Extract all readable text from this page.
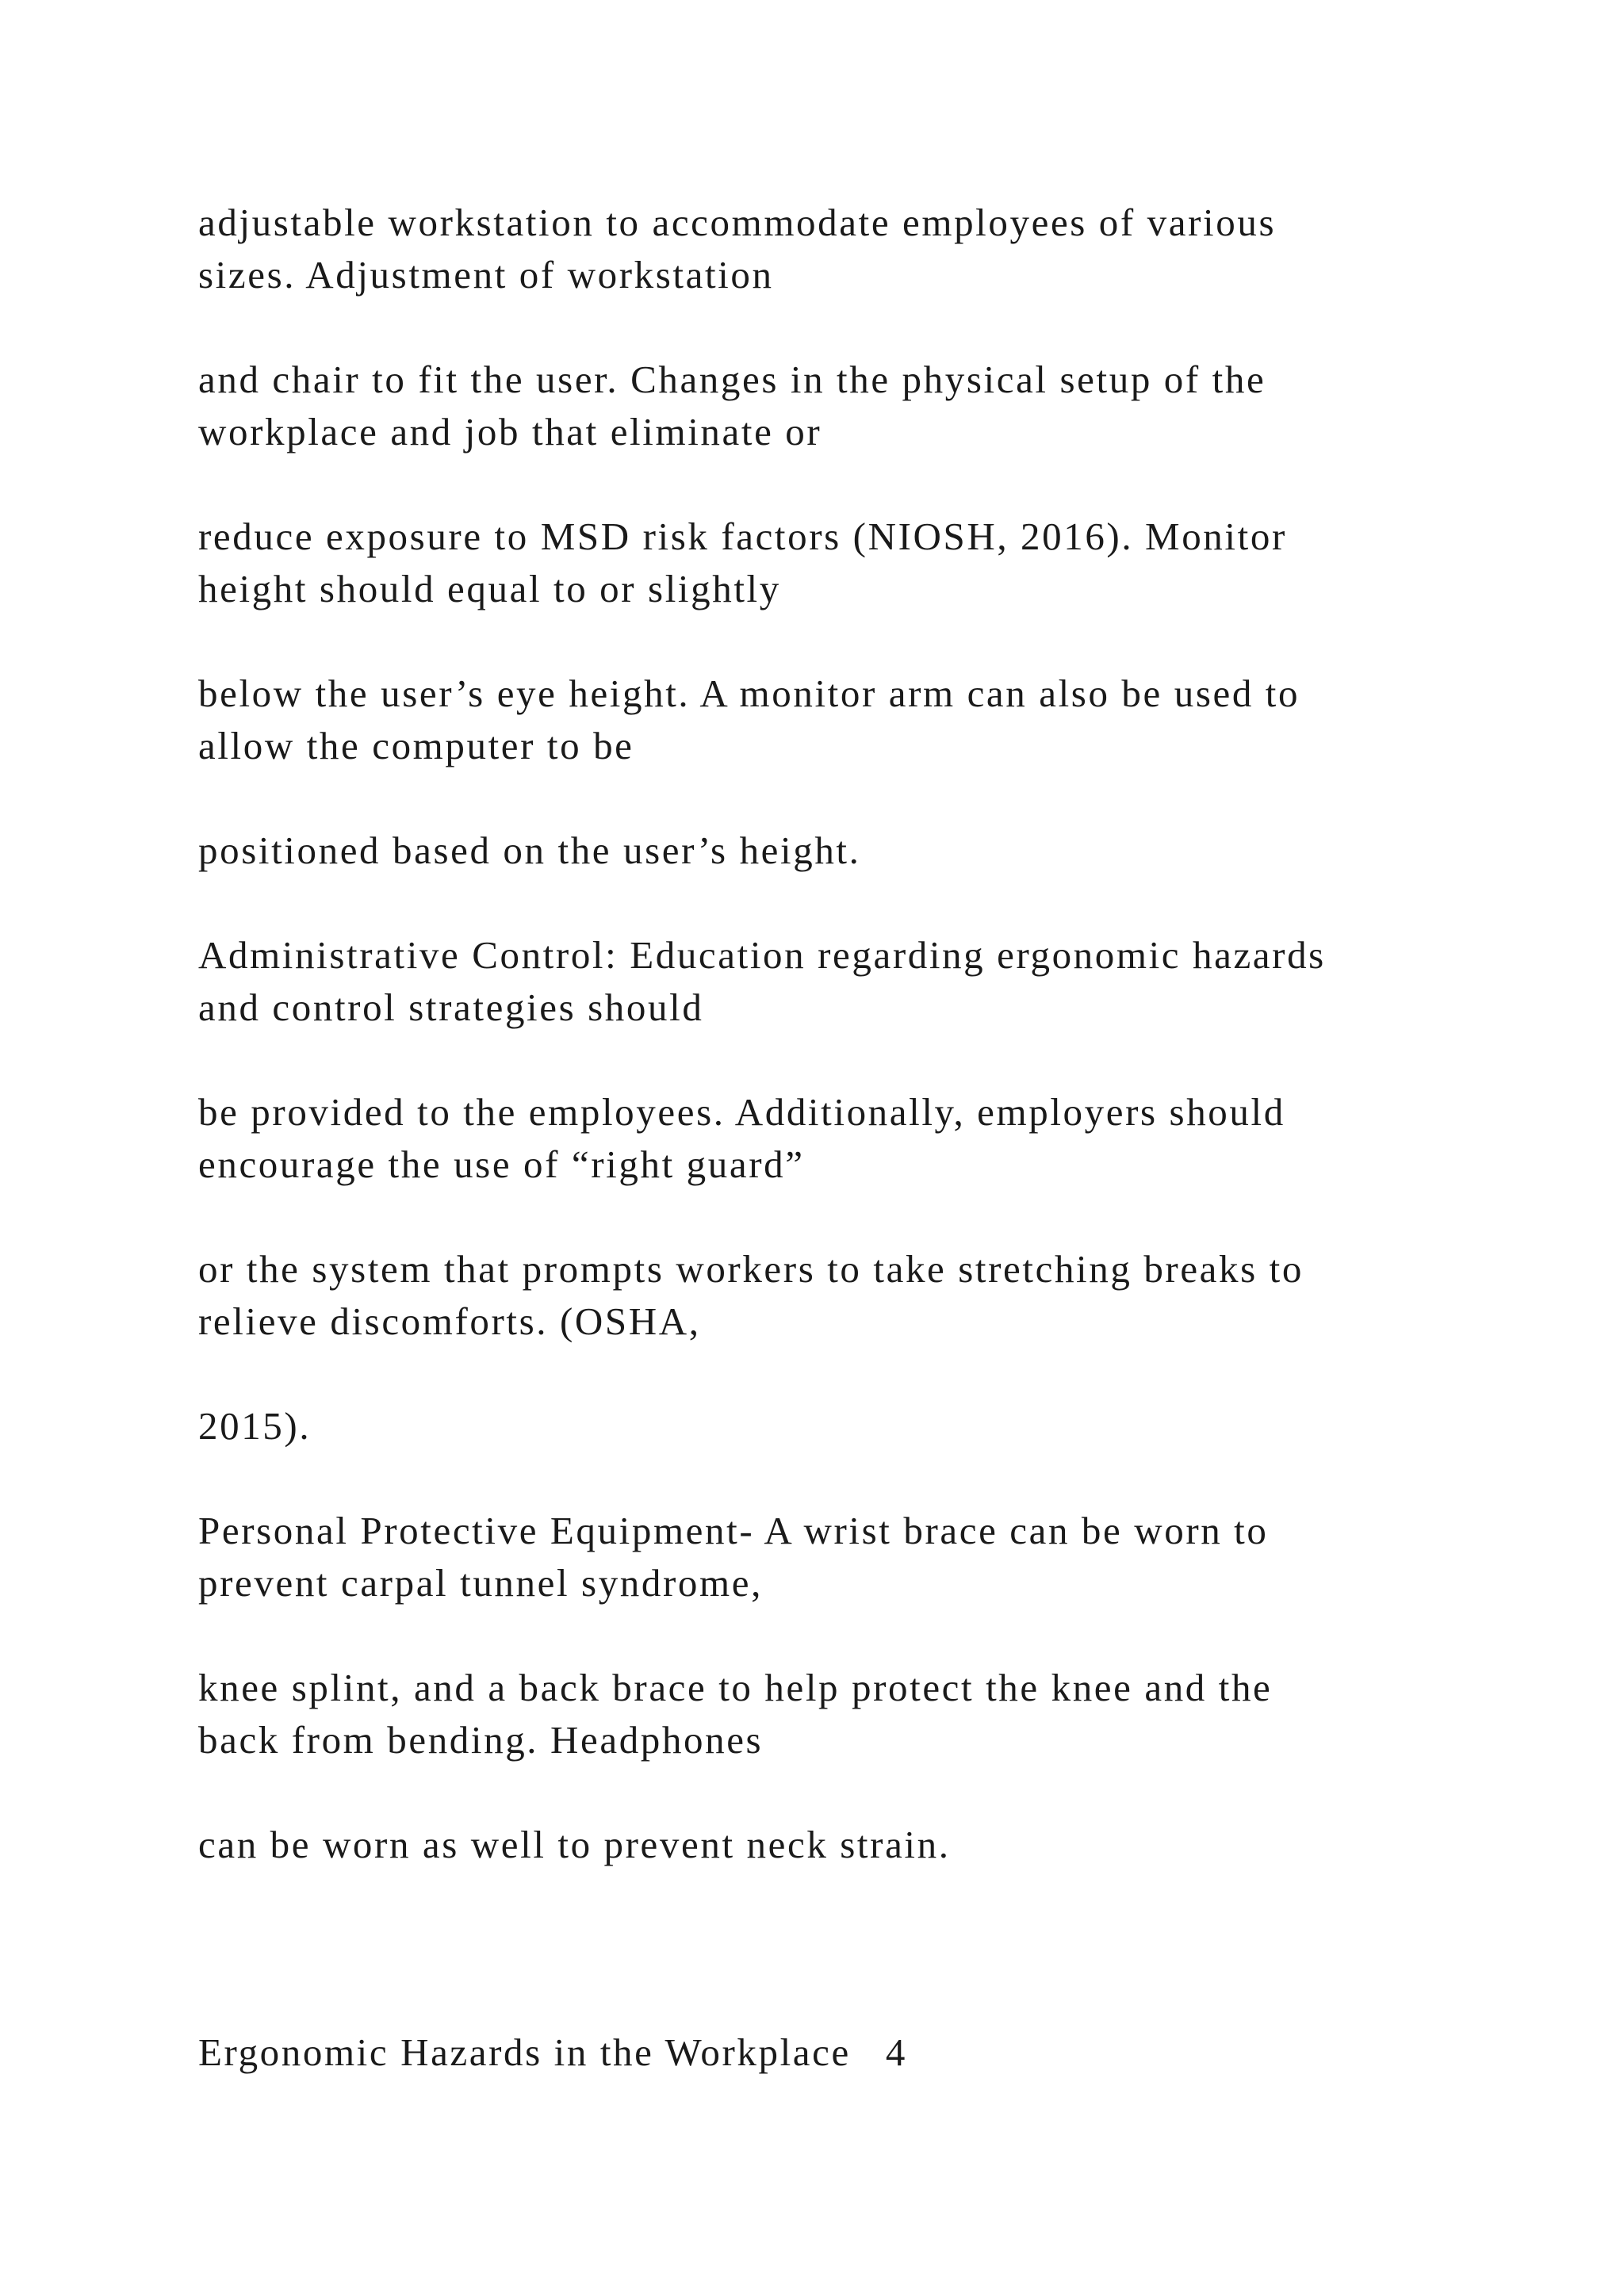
adjustable workstation to accommodate employees of various
sizes. Adjustment of workstation

and chair to fit the user. Changes in the physical setup of the
workplace and job that eliminate or

reduce exposure to MSD risk factors (NIOSH, 2016). Monitor
height should equal to or slightly

below the user’s eye height. A monitor arm can also be used to
allow the computer to be

positioned based on the user’s height.

Administrative Control: Education regarding ergonomic hazards
and control strategies should

be provided to the employees. Additionally, employers should
encourage the use of “right guard”

or the system that prompts workers to take stretching breaks to
relieve discomforts. (OSHA,

2015).

Personal Protective Equipment- A wrist brace can be worn to
prevent carpal tunnel syndrome,

knee splint, and a back brace to help protect the knee and the
back from bending. Headphones

can be worn as well to prevent neck strain.

Ergonomic Hazards in the Workplace 4
